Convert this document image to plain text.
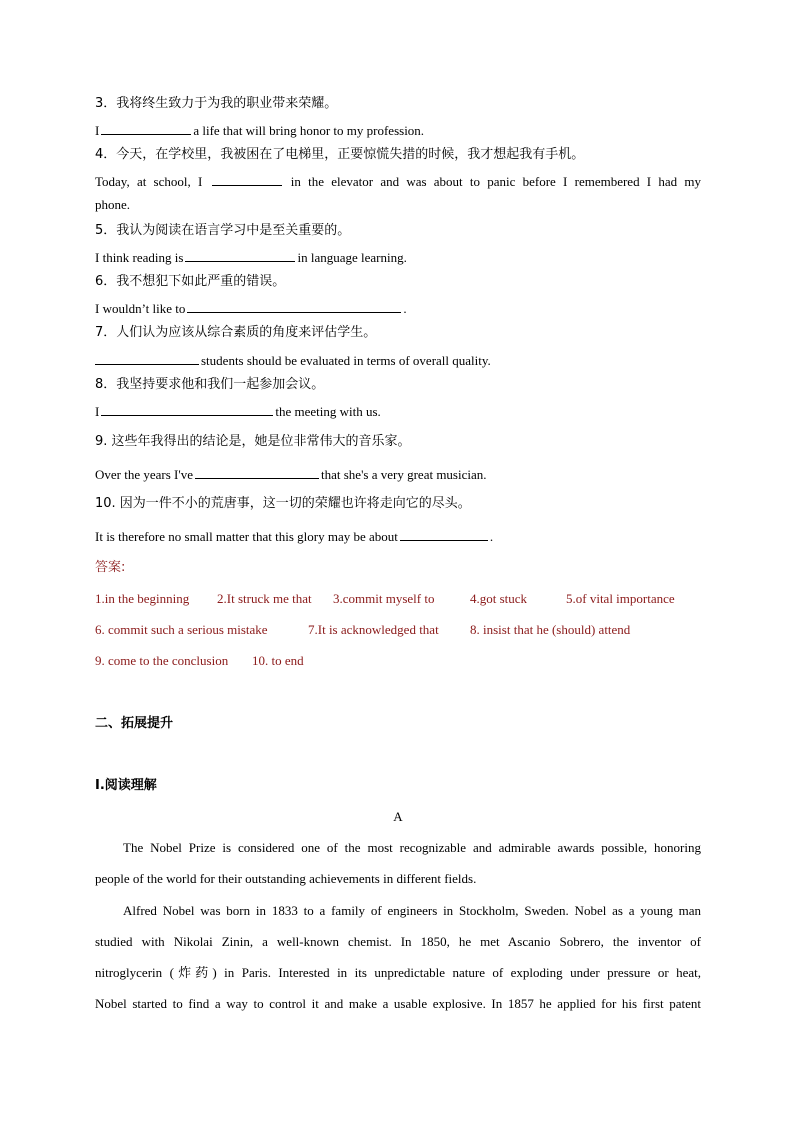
3．我将终生致力于为我的职业带来荣耀。
I	a life that will bring honor to my profession.
4．今天，在学校里，我被困在了电梯里，正要惊慌失措的时候，我才想起我有手机。
Today, at school, I	in the elevator and was about to panic before I remembered I had my
phone.
5．我认为阅读在语言学习中是至关重要的。
I think reading is	in language learning.
6．我不想犯下如此严重的错误。
I wouldn’t like to	.
7．人们认为应该从综合素质的角度来评估学生。
students should be evaluated in terms of overall quality.
8．我坚持要求他和我们一起参加会议。
I	the meeting with us.
9. 这些年我得出的结论是，她是位非常伟大的音乐家。
Over the years I've	that she's a very great musician.
10. 因为一件不小的荒唐事，这一切的荣耀也许将走向它的尽头。
It is therefore no small matter that this glory may be about	.
答案:
1.in the beginning 2.It struck me that 3.commit myself to	4.got stuck	5.of vital importance
6. commit such a serious mistake	7.It is acknowledged that 8. insist that he (should) attend
9. come to the conclusion 10. to end
二、拓展提升
I.阅读理解
A
The Nobel Prize is considered one of the most recognizable and admirable awards possible, honoring
people of the world for their outstanding achievements in different fields.
Alfred Nobel was born in 1833 to a family of engineers in Stockholm, Sweden. Nobel as a young man
studied with Nikolai Zinin, a well-known chemist. In 1850, he met Ascanio Sobrero, the inventor of
nitroglycerin (炸药) in Paris. Interested in its unpredictable nature of exploding under pressure or heat,
Nobel started to find a way to control it and make a usable explosive. In 1857 he applied for his first patent
